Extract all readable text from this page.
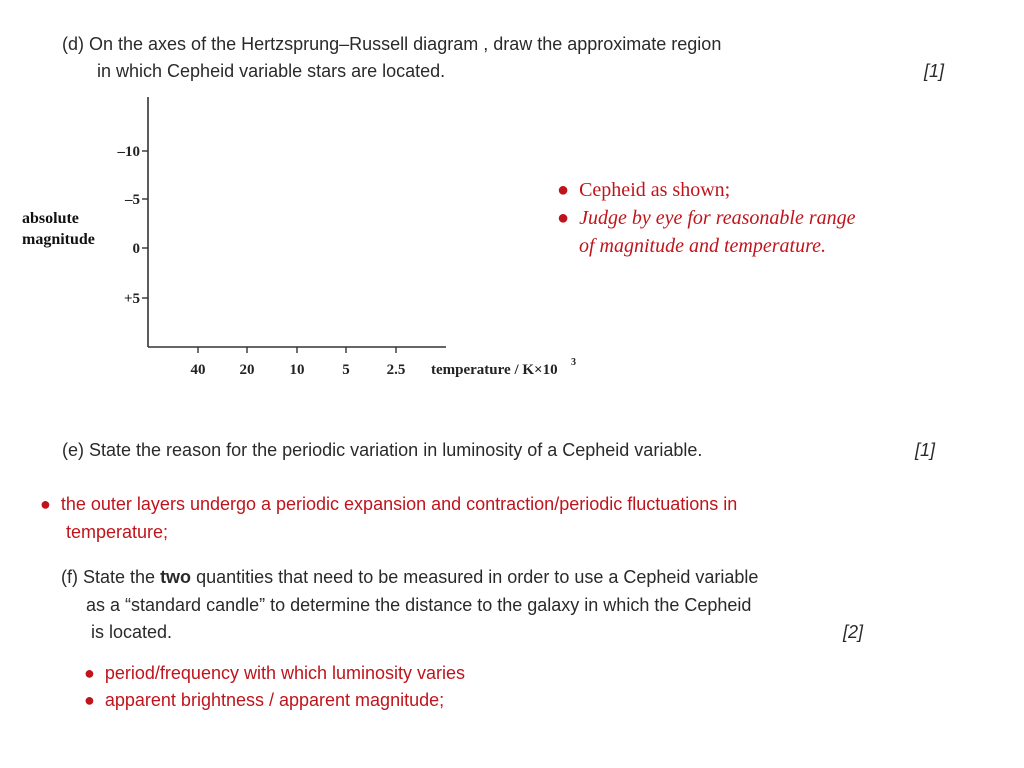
(d) On the axes of the Hertzsprung–Russell diagram , draw the approximate region
in which Cepheid variable stars are located.	[1]
absolute
magnitude
–10
–5
0
+5
40 20 10	5 2.5 temperature / K×10 3
● Cepheid as shown;
● Judge by eye for reasonable range
of magnitude and temperature.
(e) State the reason for the periodic variation in luminosity of a Cepheid variable.	[1]
● the outer layers undergo a periodic expansion and contraction/periodic fluctuations in
temperature;
(f) State the two quantities that need to be measured in order to use a Cepheid variable
as a “standard candle” to determine the distance to the galaxy in which the Cepheid
is located.	[2]
● period/frequency with which luminosity varies
● apparent brightness / apparent magnitude;
